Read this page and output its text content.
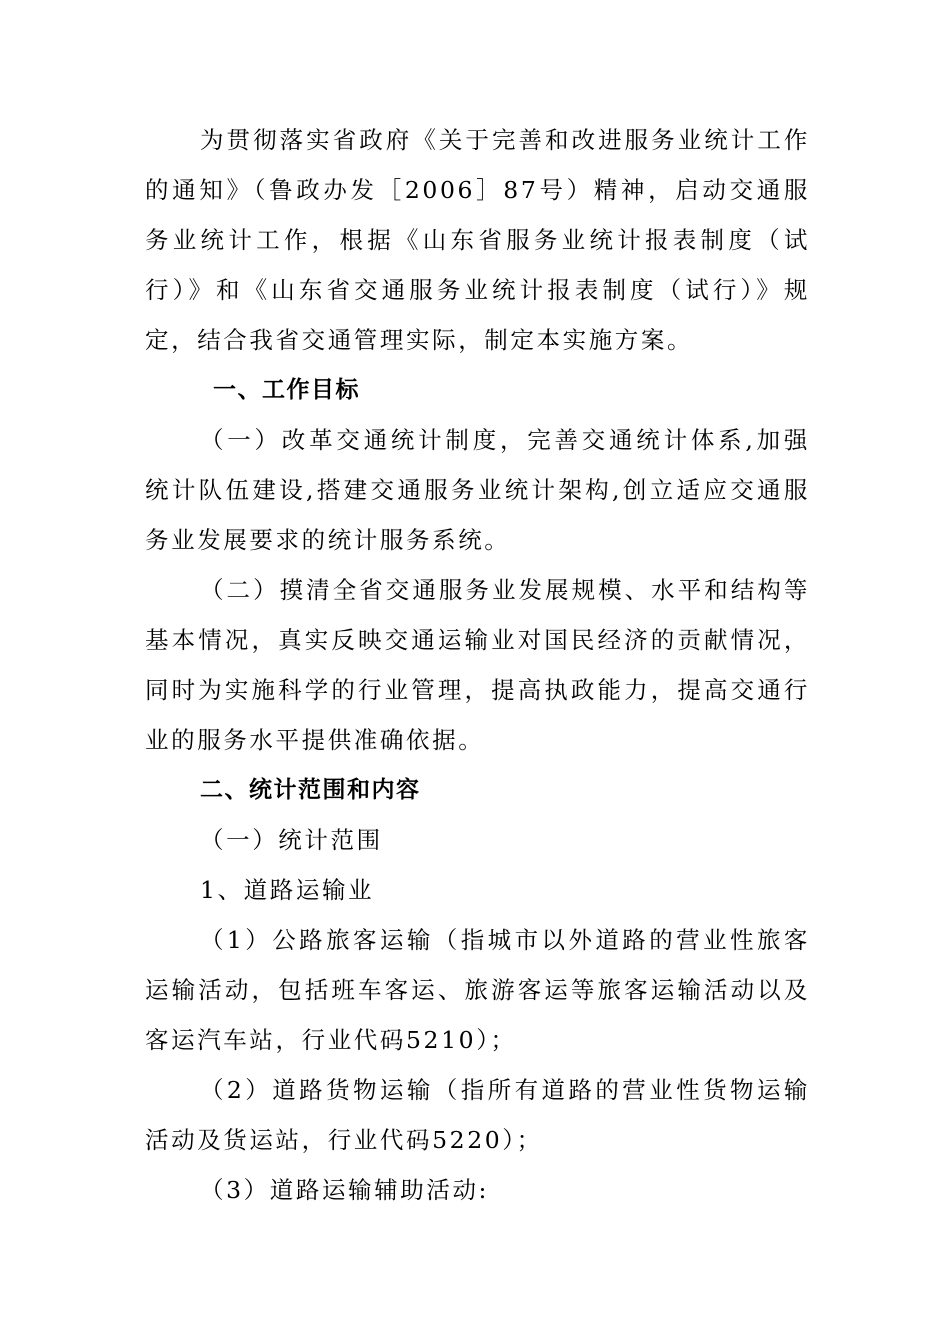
为贯彻落实省政府《关于完善和改进服务业统计工作的通知》（鲁政办发［2006］87号）精神，启动交通服务业统计工作，根据《山东省服务业统计报表制度（试行）》和《山东省交通服务业统计报表制度（试行）》规定，结合我省交通管理实际，制定本实施方案。

一、工作目标

（一）改革交通统计制度，完善交通统计体系,加强统计队伍建设,搭建交通服务业统计架构,创立适应交通服务业发展要求的统计服务系统。

（二）摸清全省交通服务业发展规模、水平和结构等基本情况，真实反映交通运输业对国民经济的贡献情况，同时为实施科学的行业管理，提高执政能力，提高交通行业的服务水平提供准确依据。

二、统计范围和内容

（一）统计范围

1、道路运输业

（1）公路旅客运输（指城市以外道路的营业性旅客运输活动，包括班车客运、旅游客运等旅客运输活动以及客运汽车站，行业代码5210）；

（2）道路货物运输（指所有道路的营业性货物运输活动及货运站，行业代码5220）；

（3）道路运输辅助活动:
